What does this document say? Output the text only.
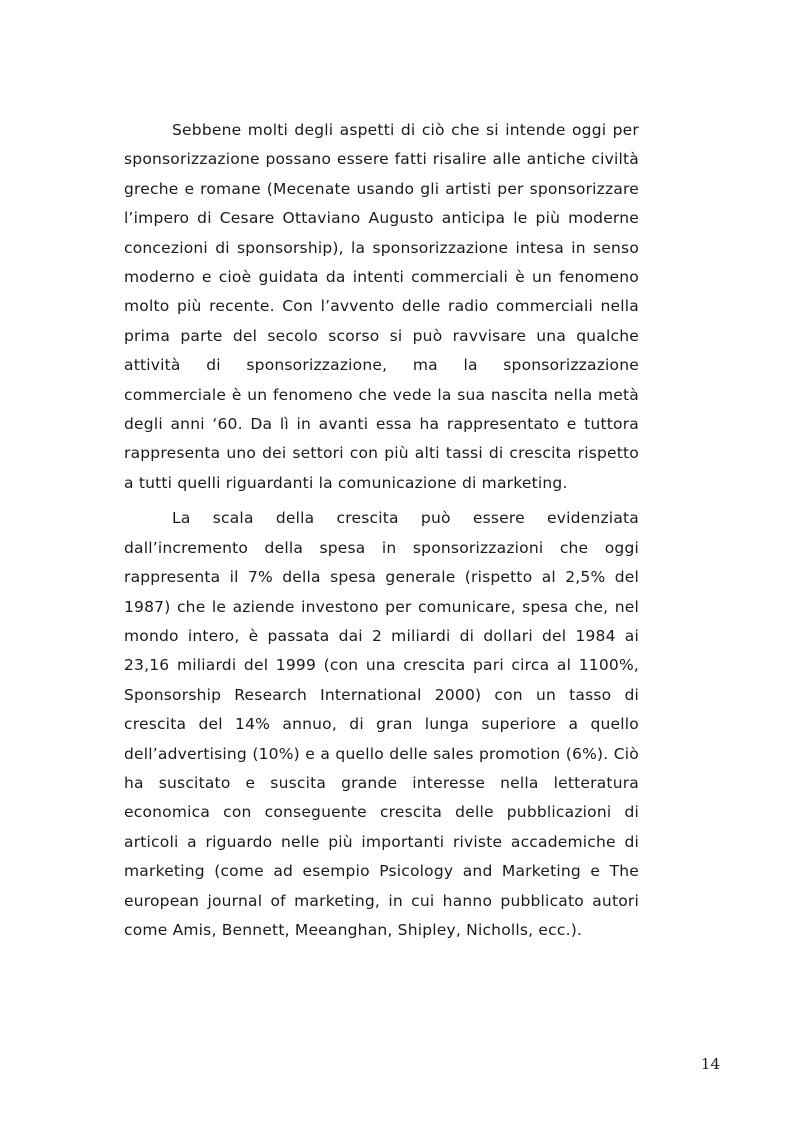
Sebbene molti degli aspetti di ciò che si intende oggi per sponsorizzazione possano essere fatti risalire alle antiche civiltà greche e romane (Mecenate usando gli artisti per sponsorizzare l’impero di Cesare Ottaviano Augusto anticipa le più moderne concezioni di sponsorship), la sponsorizzazione intesa in senso moderno e cioè guidata da intenti commerciali è un fenomeno molto più recente. Con l’avvento delle radio commerciali nella prima parte del secolo scorso si può ravvisare una qualche attività di sponsorizzazione, ma la sponsorizzazione commerciale è un fenomeno che vede la sua nascita nella metà degli anni ‘60. Da lì in avanti essa ha rappresentato e tuttora rappresenta uno dei settori con più alti tassi di crescita rispetto a tutti quelli riguardanti la comunicazione di marketing.

La scala della crescita può essere evidenziata dall’incremento della spesa in sponsorizzazioni che oggi rappresenta il 7% della spesa generale (rispetto al 2,5% del 1987) che le aziende investono per comunicare, spesa che, nel mondo intero, è passata dai 2 miliardi di dollari del 1984 ai 23,16 miliardi del 1999 (con una crescita pari circa al 1100%, Sponsorship Research International 2000) con un tasso di crescita del 14% annuo, di gran lunga superiore a quello dell’advertising (10%) e a quello delle sales promotion (6%). Ciò ha suscitato e suscita grande interesse nella letteratura economica con conseguente crescita delle pubblicazioni di articoli a riguardo nelle più importanti riviste accademiche di marketing (come ad esempio Psicology and Marketing e The european journal of marketing, in cui hanno pubblicato autori come Amis, Bennett, Meeanghan, Shipley, Nicholls, ecc.).

14
